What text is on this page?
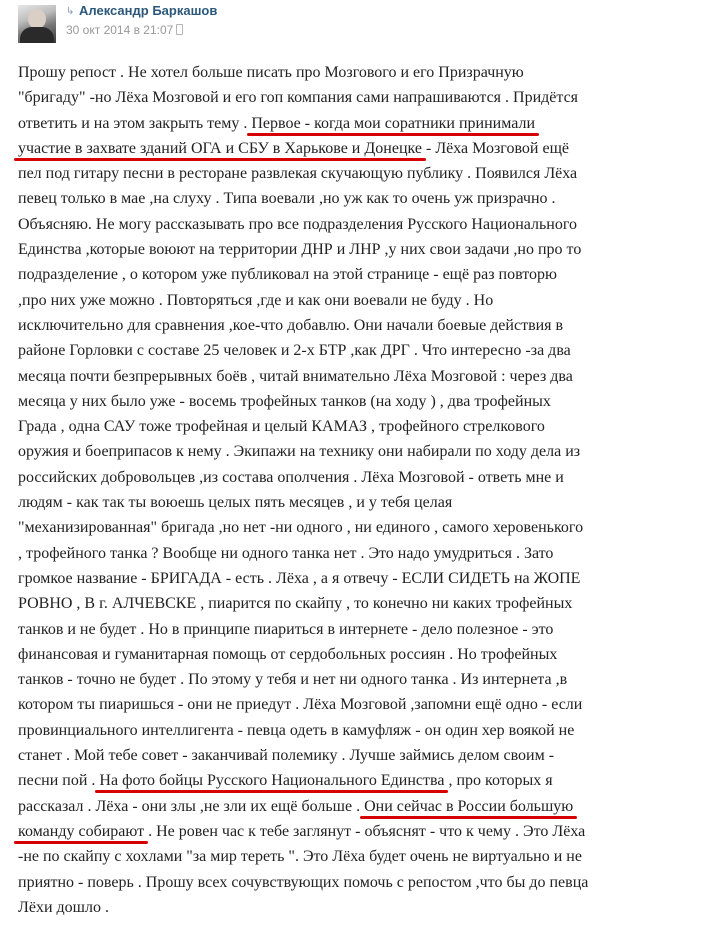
↳ Александр Баркашов
30 окт 2014 в 21:07
Прошу репост . Не хотел больше писать про Мозгового и его Призрачную
"бригаду" -но Лёха Мозговой и его гоп компания сами напрашиваются . Придётся
ответить и на этом закрыть тему . Первое - когда мои соратники принимали
участие в захвате зданий ОГА и СБУ в Харькове и Донецке - Лёха Мозговой ещё
пел под гитару песни в ресторане развлекая скучающую публику . Появился Лёха
певец только в мае ,на слуху . Типа воевали ,но уж как то очень уж призрачно .
Объясняю. Не могу рассказывать про все подразделения Русского Национального
Единства ,которые воюют на территории ДНР и ЛНР ,у них свои задачи ,но про то
подразделение , о котором уже публиковал на этой странице - ещё раз повторю
,про них уже можно . Повторяться ,где и как они воевали не буду . Но
исключительно для сравнения ,кое-что добавлю. Они начали боевые действия в
районе Горловки с составе 25 человек и 2-х БТР ,как ДРГ . Что интересно -за два
месяца почти безпрерывных боёв , читай внимательно Лёха Мозговой : через два
месяца у них было уже - восемь трофейных танков (на ходу ) , два трофейных
Града , одна САУ тоже трофейная и целый КАМАЗ , трофейного стрелкового
оружия и боеприпасов к нему . Экипажи на технику они набирали по ходу дела из
российских добровольцев ,из состава ополчения . Лёха Мозговой - ответь мне и
людям - как так ты воюешь целых пять месяцев , и у тебя целая
"механизированная" бригада ,но нет -ни одного , ни единого , самого херовенького
, трофейного танка ? Вообще ни одного танка нет . Это надо умудриться . Зато
громкое название - БРИГАДА - есть . Лёха , а я отвечу - ЕСЛИ СИДЕТЬ на ЖОПЕ
РОВНО , В г. АЛЧЕВСКЕ , пиарится по скайпу , то конечно ни каких трофейных
танков и не будет . Но в принципе пиариться в интернете - дело полезное - это
финансовая и гуманитарная помощь от сердобольных россиян . Но трофейных
танков - точно не будет . По этому у тебя и нет ни одного танка . Из интернета ,в
котором ты пиаришься - они не приедут . Лёха Мозговой ,запомни ещё одно - если
провинциального интеллигента - певца одеть в камуфляж - он один хер воякой не
станет . Мой тебе совет - заканчивай полемику . Лучше займись делом своим -
песни пой . На фото бойцы Русского Национального Единства , про которых я
рассказал . Лёха - они злы ,не зли их ещё больше . Они сейчас в России большую
команду собирают . Не ровен час к тебе заглянут - объяснят - что к чему . Это Лёха
-не по скайпу с хохлами "за мир тереть ". Это Лёха будет очень не виртуально и не
приятно - поверь . Прошу всех сочувствующих помочь с репостом ,что бы до певца
Лёхи дошло .
